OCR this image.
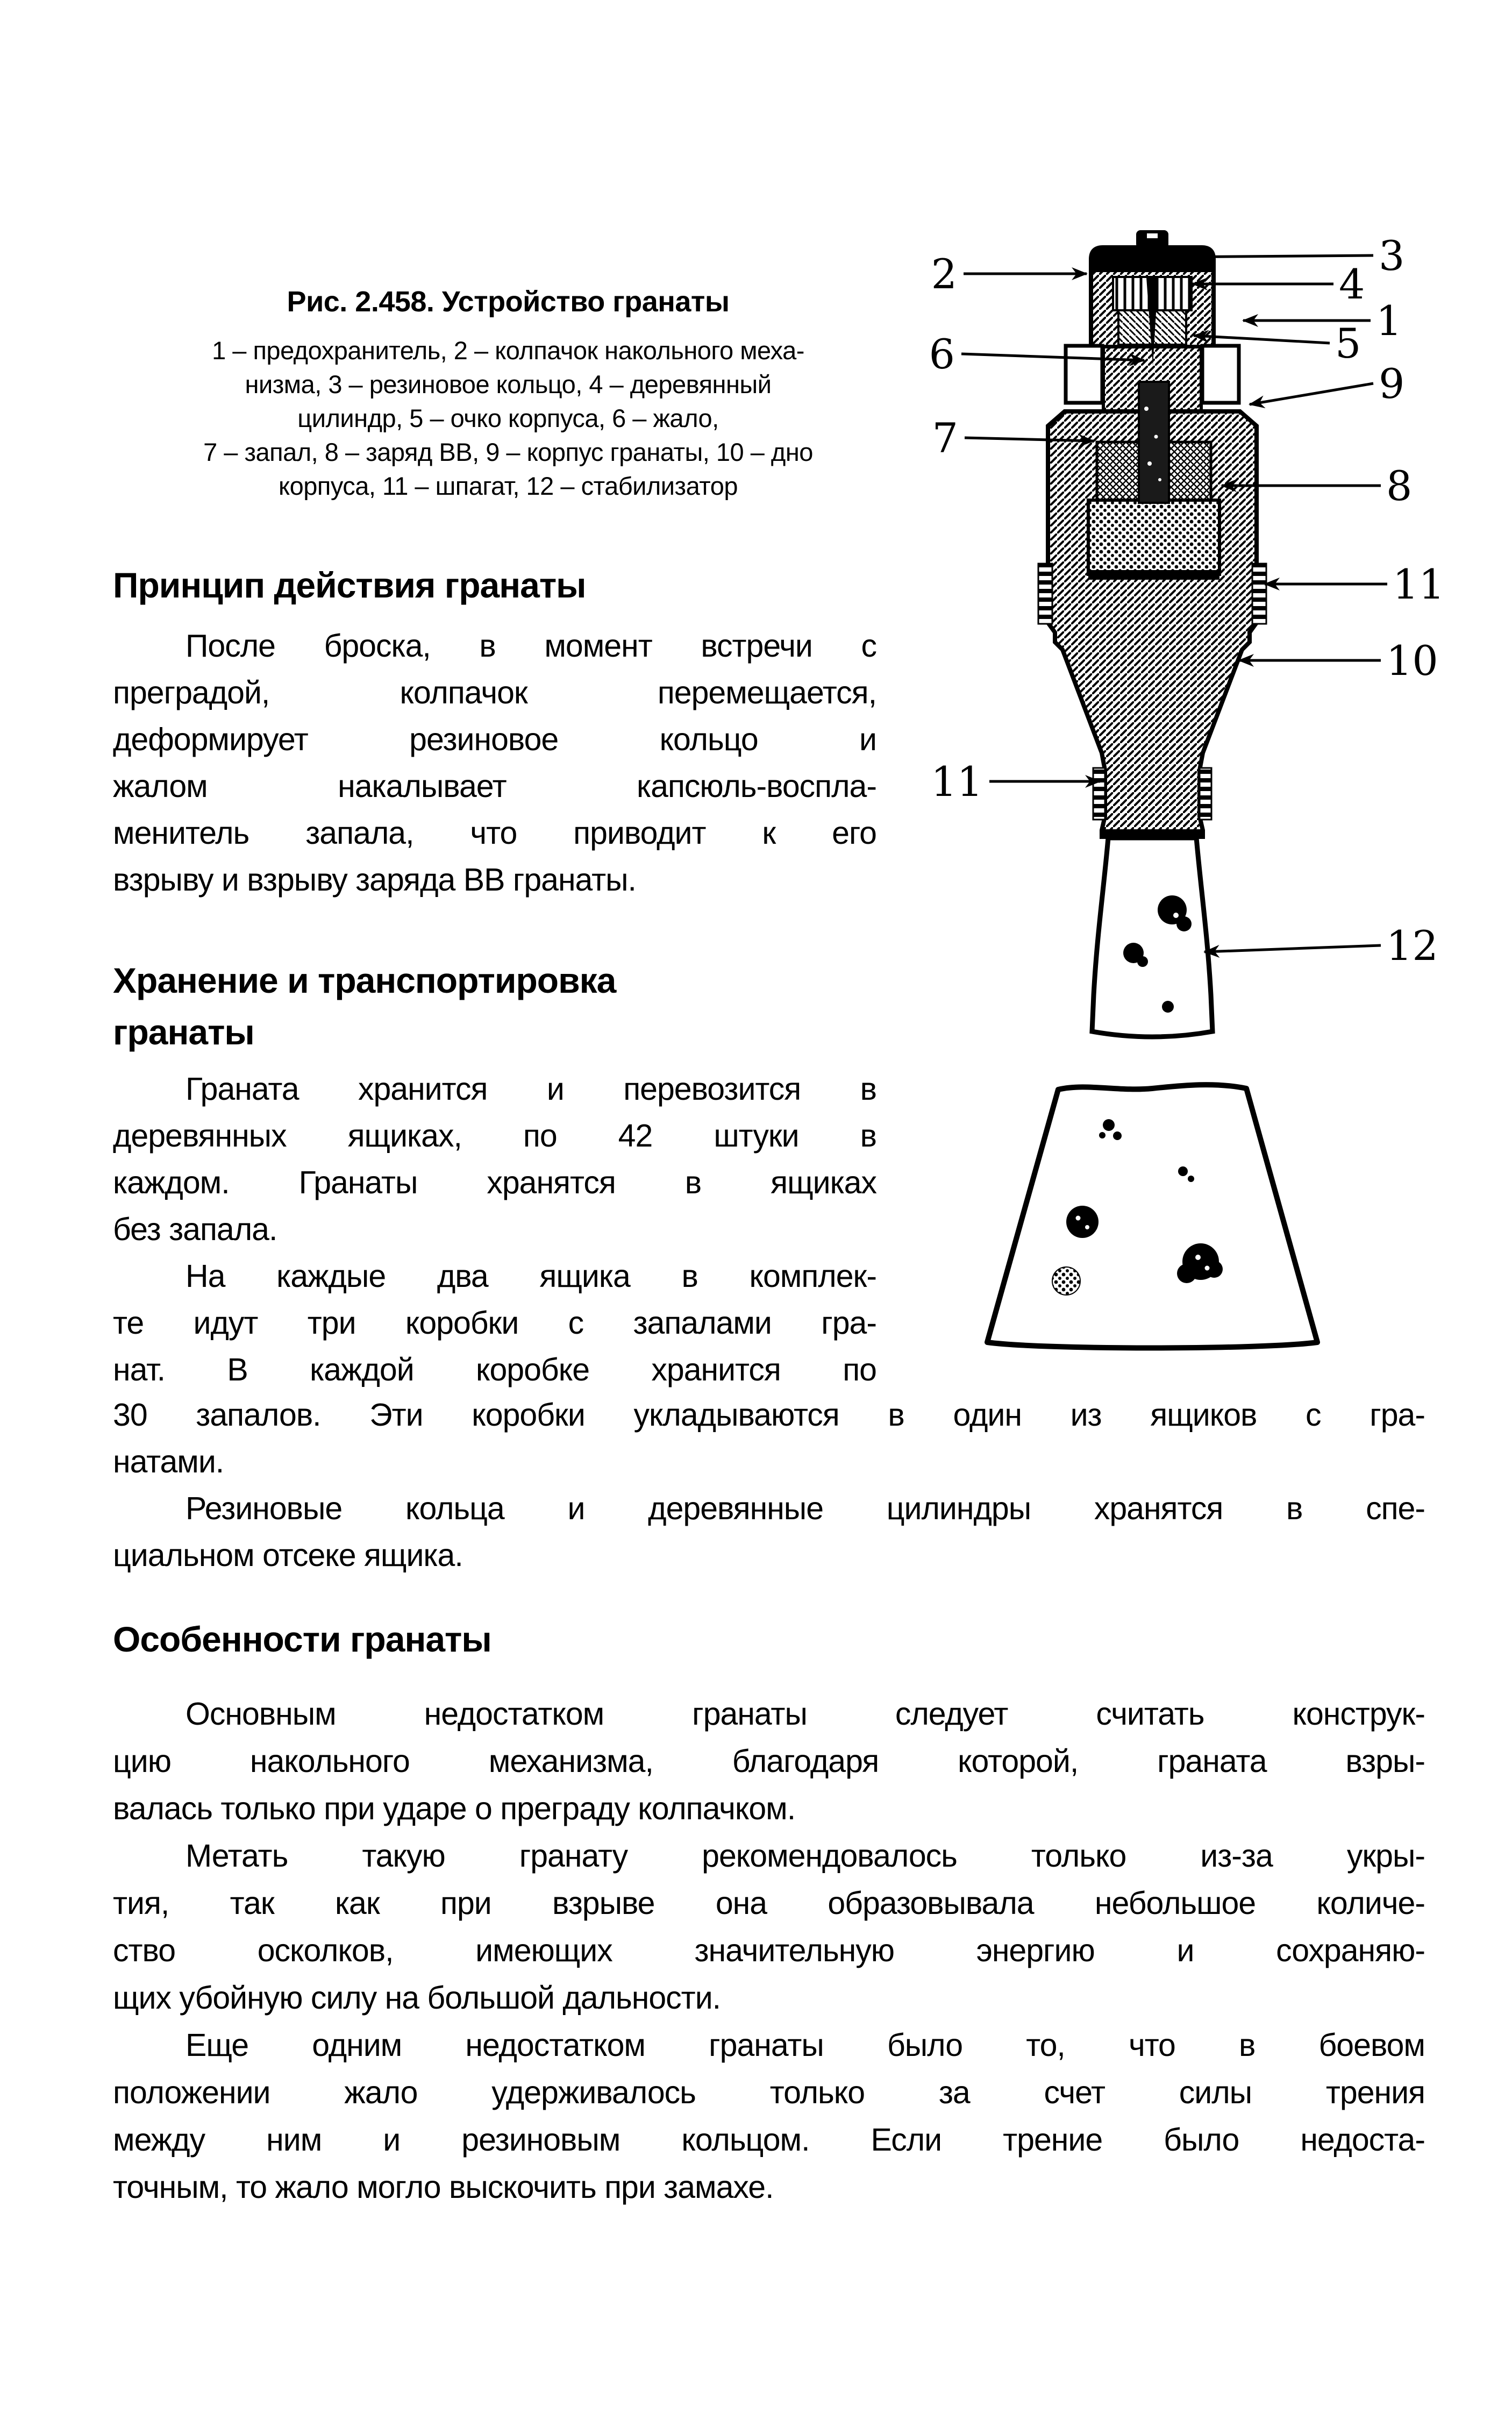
Рис. 2.458. Устройство гранаты
1 – предохранитель, 2 – колпачок накольного меха-
низма, 3 – резиновое кольцо, 4 – деревянный
цилиндр, 5 – очко корпуса, 6 – жало,
7 – запал, 8 – заряд ВВ, 9 – корпус гранаты, 10 – дно
корпуса, 11 – шпагат, 12 – стабилизатор
Принцип действия гранаты
После броска, в момент встречи с
преградой, колпачок перемещается,
деформирует резиновое кольцо и
жалом накалывает капсюль-воспла-
менитель запала, что приводит к его
взрыву и взрыву заряда ВВ гранаты.
Хранение и транспортировка
гранаты
Граната хранится и перевозится в
деревянных ящиках, по 42 штуки в
каждом. Гранаты хранятся в ящиках
без запала.
На каждые два ящика в комплек-
те идут три коробки с запалами гра-
нат. В каждой коробке хранится по
30 запалов. Эти коробки укладываются в один из ящиков с гра-
натами.
Резиновые кольца и деревянные цилиндры хранятся в спе-
циальном отсеке ящика.
Особенности гранаты
Основным недостатком гранаты следует считать конструк-
цию накольного механизма, благодаря которой, граната взры-
валась только при ударе о преграду колпачком.
Метать такую гранату рекомендовалось только из-за укры-
тия, так как при взрыве она образовывала небольшое количе-
ство осколков, имеющих значительную энергию и сохраняю-
щих убойную силу на большой дальности.
Еще одним недостатком гранаты было то, что в боевом
положении жало удерживалось только за счет силы трения
между ним и резиновым кольцом. Если трение было недоста-
точным, то жало могло выскочить при замахе.
2
6
7
11
3
4
1
5
9
8
11
10
12
